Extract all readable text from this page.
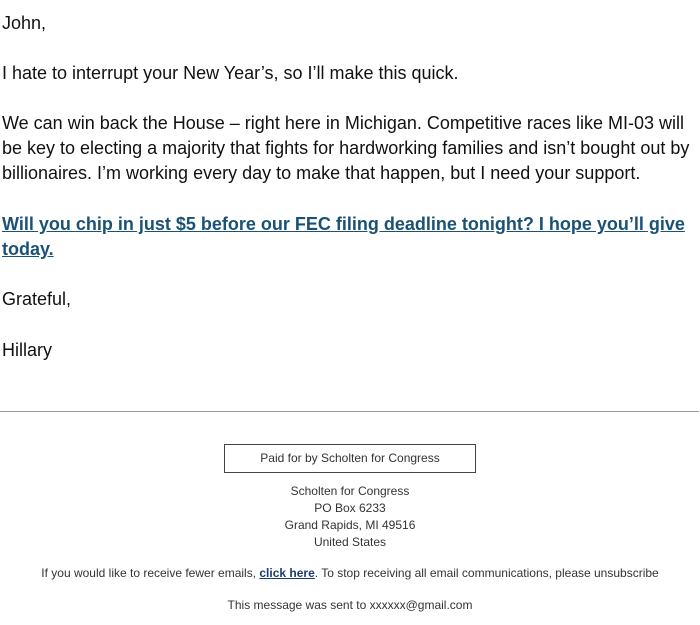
John,

I hate to interrupt your New Year’s, so I’ll make this quick.

We can win back the House – right here in Michigan. Competitive races like MI-03 will be key to electing a majority that fights for hardworking families and isn’t bought out by billionaires. I’m working every day to make that happen, but I need your support.

Will you chip in just $5 before our FEC filing deadline tonight? I hope you’ll give today.

Grateful,

Hillary

Paid for by Scholten for Congress
Scholten for Congress
PO Box 6233
Grand Rapids, MI 49516
United States
If you would like to receive fewer emails, click here. To stop receiving all email communications, please unsubscribe
This message was sent to xxxxxx@gmail.com
